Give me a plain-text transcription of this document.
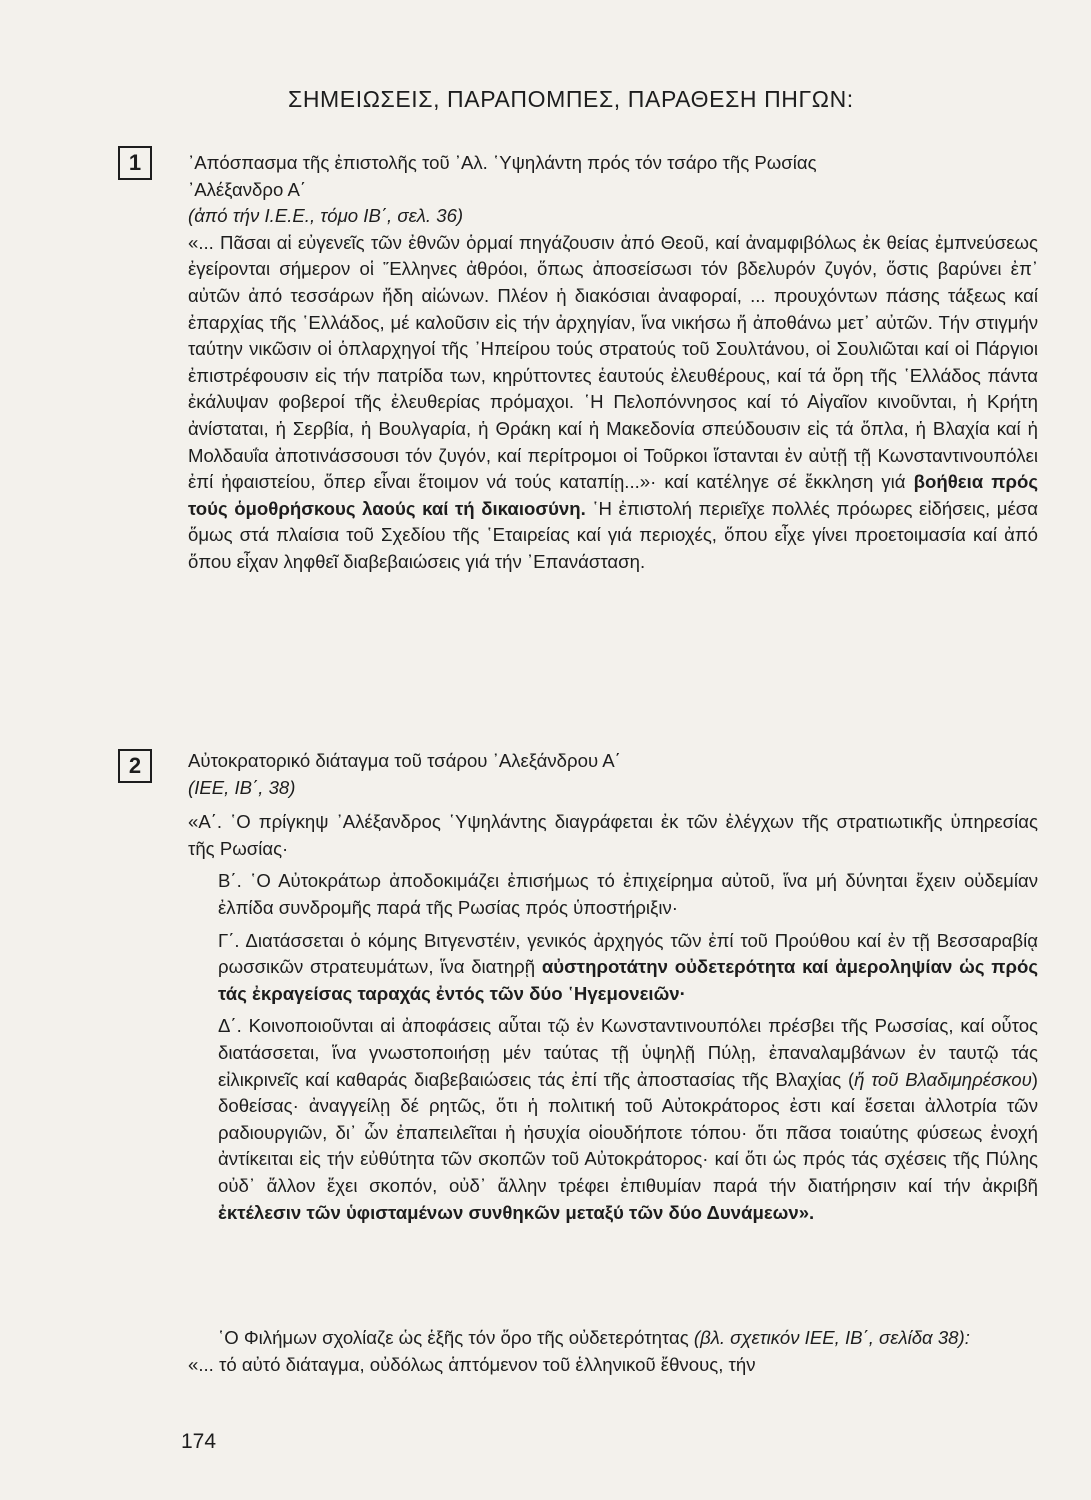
ΣΗΜΕΙΩΣΕΙΣ, ΠΑΡΑΠΟΜΠΕΣ, ΠΑΡΑΘΕΣΗ ΠΗΓΩΝ:
1	᾿Απόσπασμα τῆς ἐπιστολῆς τοῦ ᾿Αλ. ῾Υψηλάντη πρός τόν τσάρο τῆς Ρωσίας

᾿Αλέξανδρο Α΄

(ἀπό τήν Ι.Ε.Ε., τόμο ΙΒ΄, σελ. 36)

«... Πᾶσαι αἱ εὐγενεῖς τῶν ἐθνῶν ὁρμαί πηγάζουσιν ἀπό Θεοῦ, καί ἀναμφιβόλως ἐκ θείας ἐμπνεύσεως ἐγείρονται σήμερον οἱ ῞Ελληνες ἀθρόοι, ὅπως ἀποσείσωσι τόν βδελυρόν ζυγόν, ὅστις βαρύνει ἐπ᾿ αὐτῶν ἀπό τεσσάρων ἤδη αἰώνων. Πλέον ἡ διακόσιαι ἀναφοραί, ... προυχόντων πάσης τάξεως καί ἐπαρχίας τῆς ῾Ελλάδος, μέ καλοῦσιν εἰς τήν ἀρχηγίαν, ἵνα νικήσω ἤ ἀποθάνω μετ᾿ αὐτῶν. Τήν στιγμήν ταύτην νικῶσιν οἱ ὁπλαρχηγοί τῆς ᾿Ηπείρου τούς στρατούς τοῦ Σουλτάνου, οἱ Σουλιῶται καί οἱ Πάργιοι ἐπιστρέφουσιν εἰς τήν πατρίδα των, κηρύττοντες ἑαυτούς ἐλευθέρους, καί τά ὄρη τῆς ῾Ελλάδος πάντα ἐκάλυψαν φοβεροί τῆς ἐλευθερίας πρόμαχοι. ῾Η Πελοπόννησος καί τό Αἰγαῖον κινοῦνται, ἡ Κρήτη ἀνίσταται, ἡ Σερβία, ἡ Βουλγαρία, ἡ Θράκη καί ἡ Μακεδονία σπεύδουσιν εἰς τά ὅπλα, ἡ Βλαχία καί ἡ Μολδαυΐα ἀποτινάσσουσι τόν ζυγόν, καί περίτρομοι οἱ Τοῦρκοι ἵστανται ἐν αὐτῇ τῇ Κωνσταντινουπόλει ἐπί ἡφαιστείου, ὅπερ εἶναι ἕτοιμον νά τούς καταπίῃ...»· καί κατέληγε σέ ἔκκληση γιά βοήθεια πρός τούς ὁμοθρήσκους λαούς καί τή δικαιοσύνη. ῾Η ἐπιστολή περιεῖχε πολλές πρόωρες εἰδήσεις, μέσα ὅμως στά πλαίσια τοῦ Σχεδίου τῆς ῾Εταιρείας καί γιά περιοχές, ὅπου εἶχε γίνει προετοιμασία καί ἀπό ὅπου εἶχαν ληφθεῖ διαβεβαιώσεις γιά τήν ᾿Επανάσταση.

2	Αὐτοκρατορικό διάταγμα τοῦ τσάρου ᾿Αλεξάνδρου Α΄

(ΙΕΕ, ΙΒ΄, 38)

«Α΄. ῾Ο πρίγκηψ ᾿Αλέξανδρος ῾Υψηλάντης διαγράφεται ἐκ τῶν ἐλέγχων τῆς στρατιωτικῆς ὑπηρεσίας τῆς Ρωσίας·

Β΄. ῾Ο Αὐτοκράτωρ ἀποδοκιμάζει ἐπισήμως τό ἐπιχείρημα αὐτοῦ, ἵνα μή δύνηται ἔχειν οὐδεμίαν ἐλπίδα συνδρομῆς παρά τῆς Ρωσίας πρός ὑποστήριξιν·

Γ΄. Διατάσσεται ὁ κόμης Βιτγενστέιν, γενικός ἀρχηγός τῶν ἐπί τοῦ Προύθου καί ἐν τῇ Βεσσαραβίᾳ ρωσσικῶν στρατευμάτων, ἵνα διατηρῇ αὐστηροτάτην οὐδετερότητα καί ἀμεροληψίαν ὡς πρός τάς ἐκραγείσας ταραχάς ἐντός τῶν δύο ῾Ηγεμονειῶν·

Δ΄. Κοινοποιοῦνται αἱ ἀποφάσεις αὗται τῷ ἐν Κωνσταντινουπόλει πρέσβει τῆς Ρωσσίας, καί οὗτος διατάσσεται, ἵνα γνωστοποιήσῃ μέν ταύτας τῇ ὑψηλῇ Πύλῃ, ἐπαναλαμβάνων ἐν ταυτῷ τάς εἰλικρινεῖς καί καθαράς διαβεβαιώσεις τάς ἐπί τῆς ἀποστασίας τῆς Βλαχίας (ἤ τοῦ Βλαδιμηρέσκου) δοθείσας· ἀναγγείλῃ δέ ρητῶς, ὅτι ἡ πολιτική τοῦ Αὐτοκράτορος ἐστι καί ἔσεται ἀλλοτρία τῶν ραδιουργιῶν, δι᾿ ὧν ἐπαπειλεῖται ἡ ἡσυχία οἱουδήποτε τόπου· ὅτι πᾶσα τοιαύτης φύσεως ἐνοχή ἀντίκειται εἰς τήν εὐθύτητα τῶν σκοπῶν τοῦ Αὐτοκράτορος· καί ὅτι ὡς πρός τάς σχέσεις τῆς Πύλης οὐδ᾿ ἄλλον ἔχει σκοπόν, οὐδ᾿ ἄλλην τρέφει ἐπιθυμίαν παρά τήν διατήρησιν καί τήν ἀκριβῆ ἐκτέλεσιν τῶν ὑφισταμένων συνθηκῶν μεταξύ τῶν δύο Δυνάμεων».

῾Ο Φιλήμων σχολίαζε ὡς ἑξῆς τόν ὅρο τῆς οὐδετερότητας (βλ. σχετικόν ΙΕΕ, ΙΒ΄, σελίδα 38):

«... τό αὐτό διάταγμα, οὐδόλως ἁπτόμενον τοῦ ἑλληνικοῦ ἔθνους, τήν

174
